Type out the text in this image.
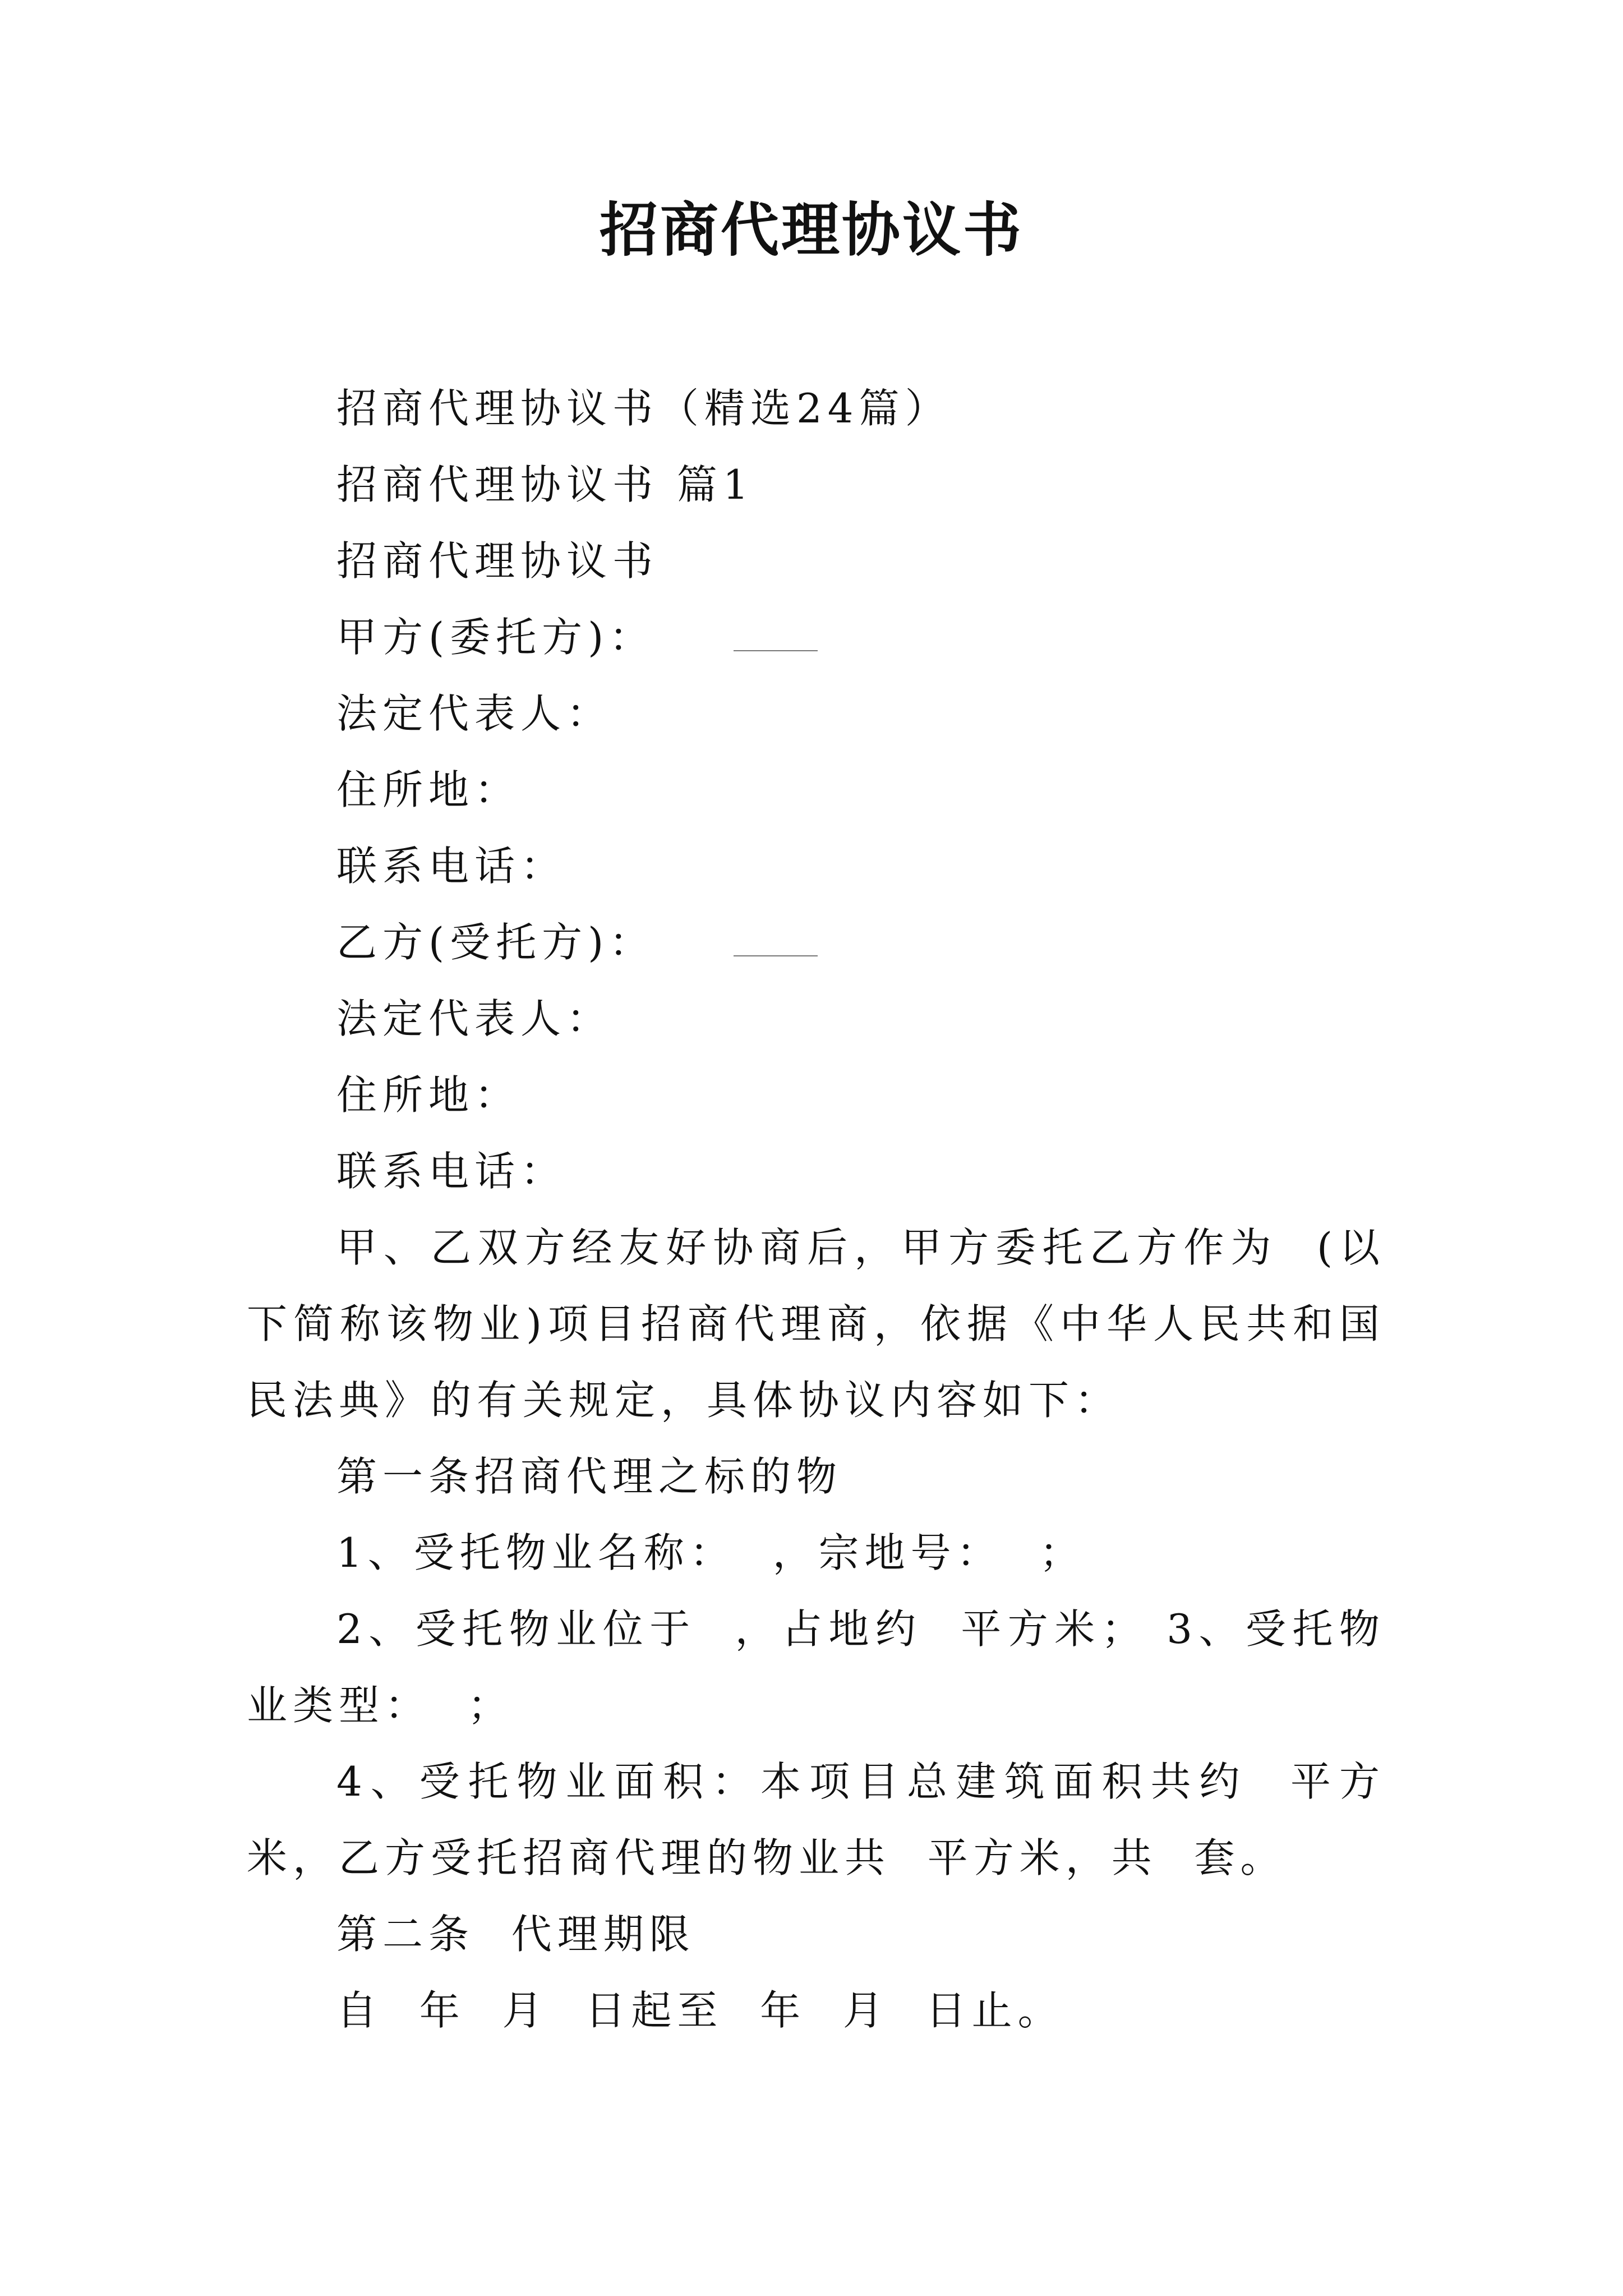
招商代理协议书
招商代理协议书（精选24篇）
招商代理协议书 篇1
招商代理协议书
甲方(委托方)：
法定代表人：
住所地：
联系电话：
乙方(受托方)：
法定代表人：
住所地：
联系电话：
甲、乙双方经友好协商后，甲方委托乙方作为  (以下简称该物业)项目招商代理商，依据《中华人民共和国民法典》的有关规定，具体协议内容如下：
第一条招商代理之标的物
1、受托物业名称：  ，宗地号：  ；
2、受托物业位于  ，占地约  平方米； 3、受托物业类型：  ；
4、受托物业面积：本项目总建筑面积共约  平方米，乙方受托招商代理的物业共  平方米，共  套。
第二条  代理期限
自  年  月  日起至  年  月  日止。
